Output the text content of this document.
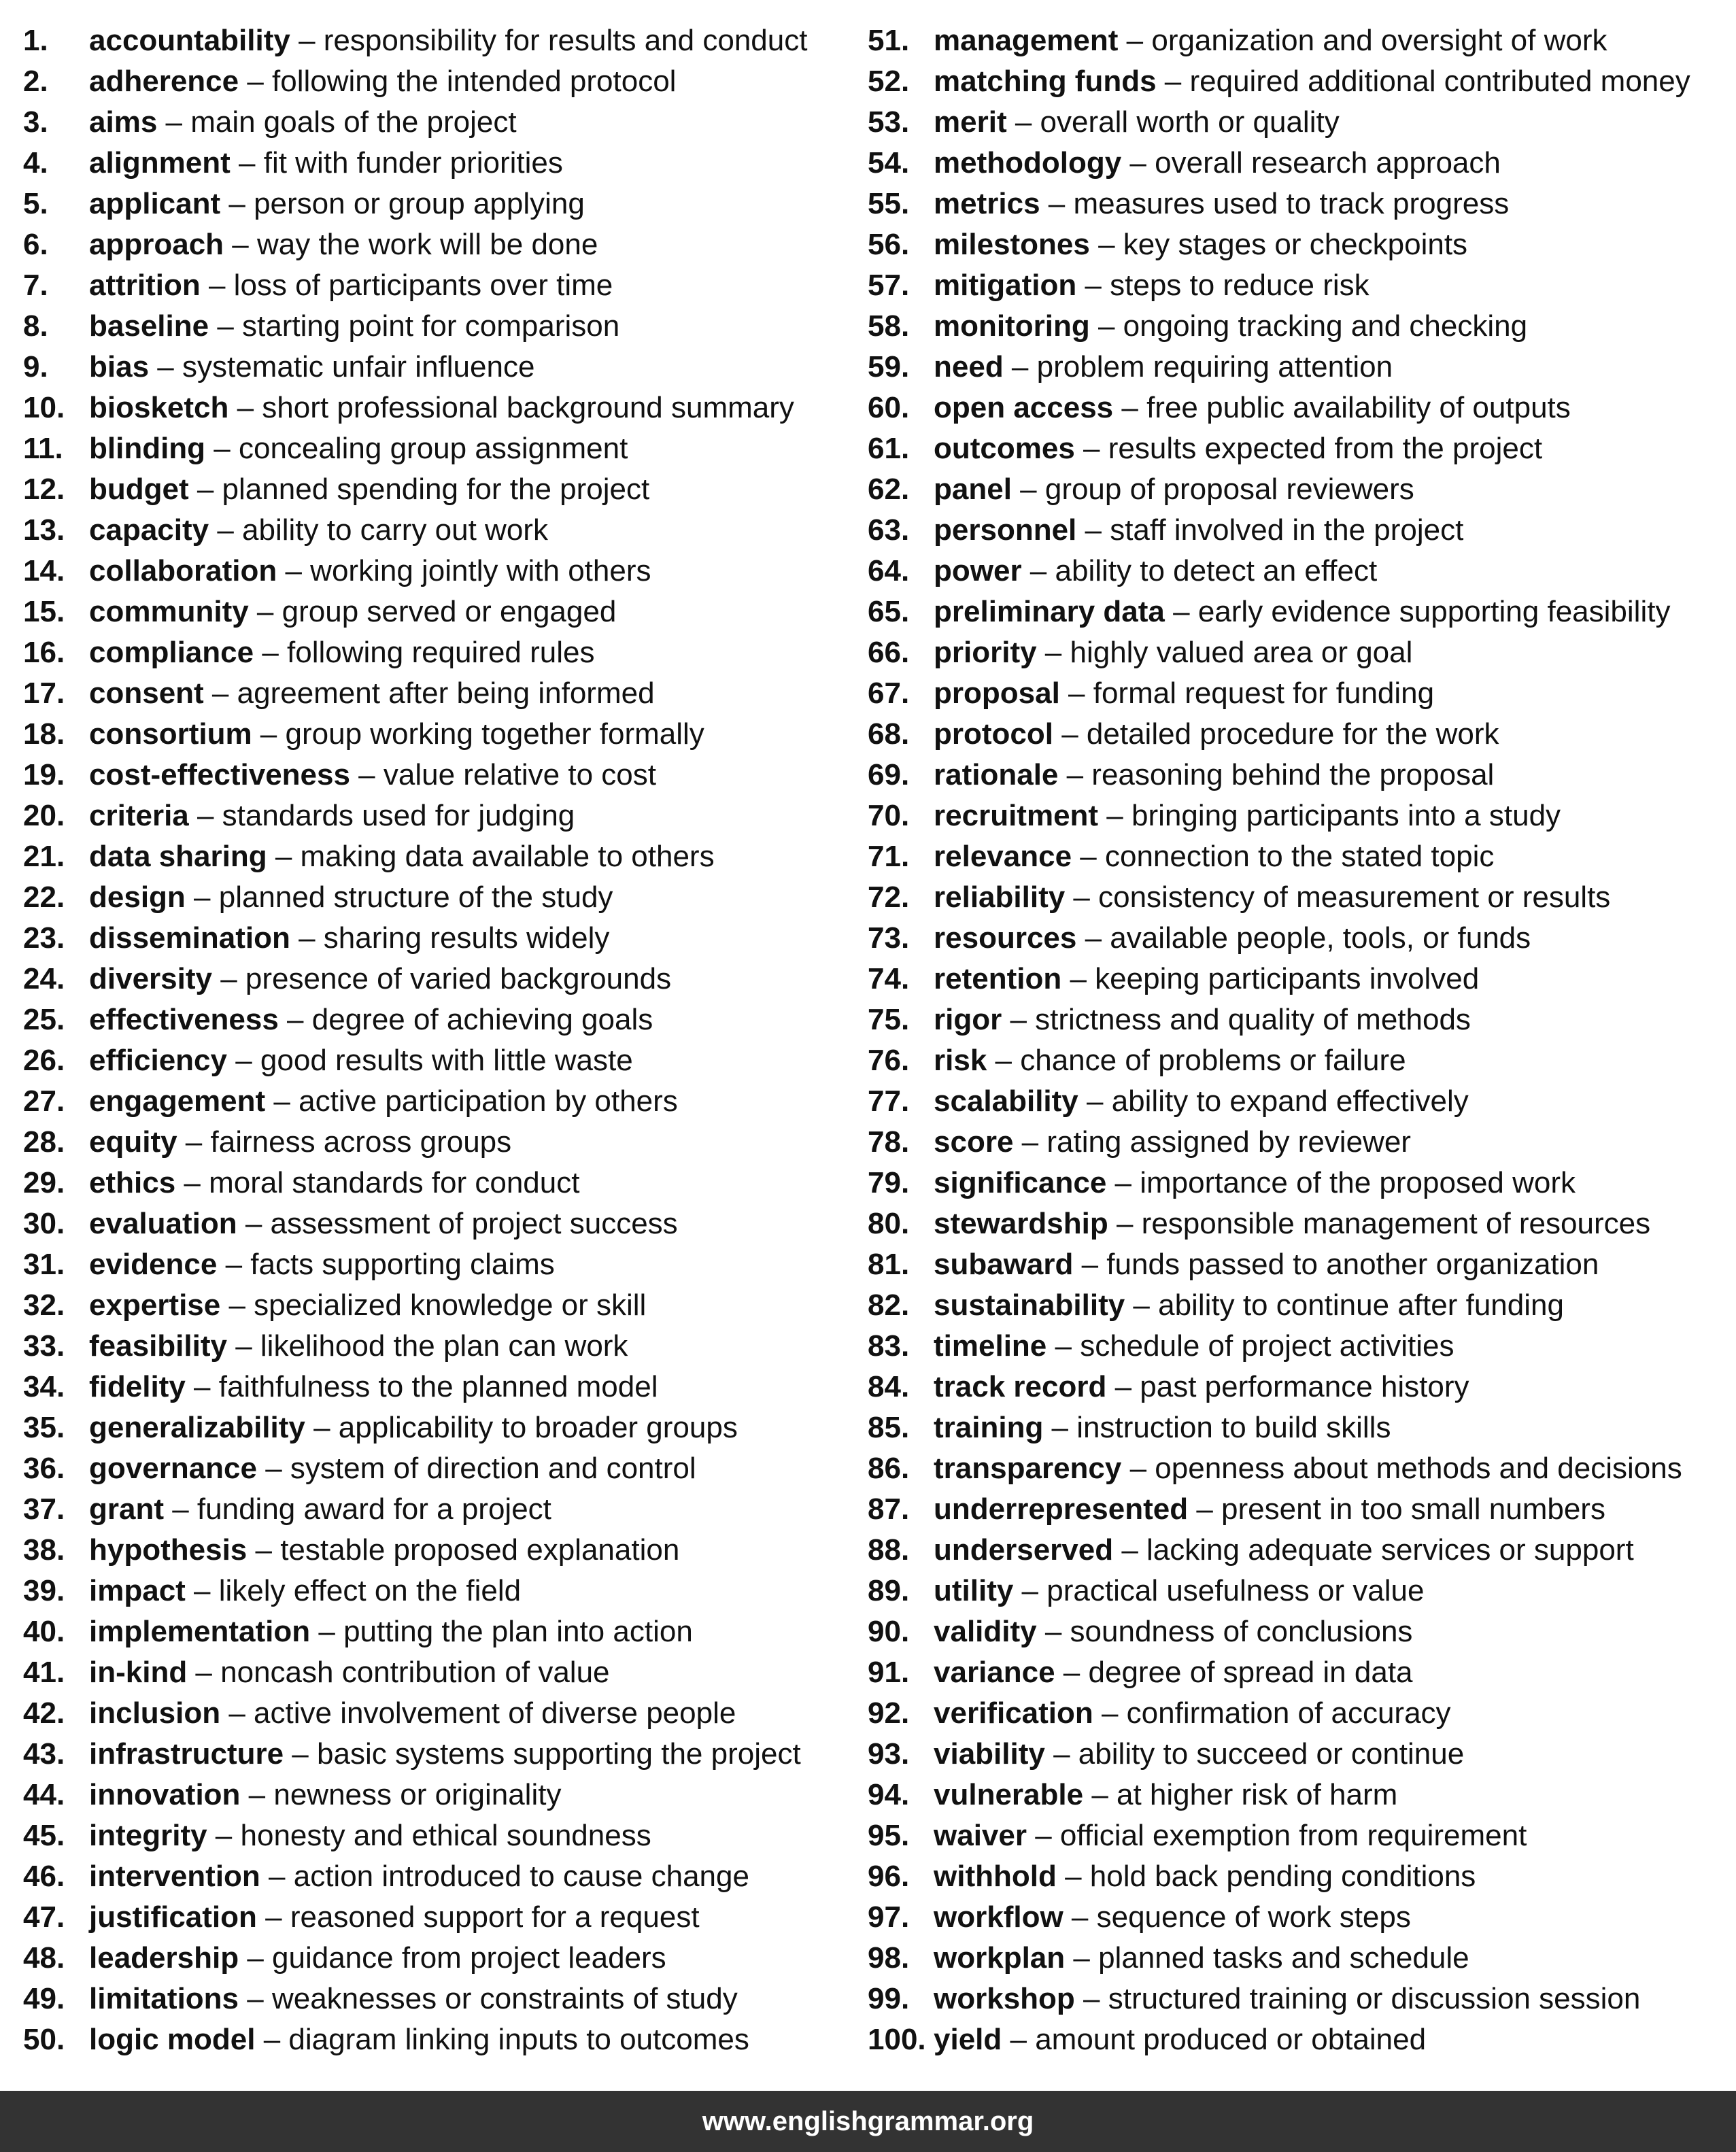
1. accountability – responsibility for results and conduct
2. adherence – following the intended protocol
3. aims – main goals of the project
4. alignment – fit with funder priorities
5. applicant – person or group applying
6. approach – way the work will be done
7. attrition – loss of participants over time
8. baseline – starting point for comparison
9. bias – systematic unfair influence
10. biosketch – short professional background summary
11. blinding – concealing group assignment
12. budget – planned spending for the project
13. capacity – ability to carry out work
14. collaboration – working jointly with others
15. community – group served or engaged
16. compliance – following required rules
17. consent – agreement after being informed
18. consortium – group working together formally
19. cost-effectiveness – value relative to cost
20. criteria – standards used for judging
21. data sharing – making data available to others
22. design – planned structure of the study
23. dissemination – sharing results widely
24. diversity – presence of varied backgrounds
25. effectiveness – degree of achieving goals
26. efficiency – good results with little waste
27. engagement – active participation by others
28. equity – fairness across groups
29. ethics – moral standards for conduct
30. evaluation – assessment of project success
31. evidence – facts supporting claims
32. expertise – specialized knowledge or skill
33. feasibility – likelihood the plan can work
34. fidelity – faithfulness to the planned model
35. generalizability – applicability to broader groups
36. governance – system of direction and control
37. grant – funding award for a project
38. hypothesis – testable proposed explanation
39. impact – likely effect on the field
40. implementation – putting the plan into action
41. in-kind – noncash contribution of value
42. inclusion – active involvement of diverse people
43. infrastructure – basic systems supporting the project
44. innovation – newness or originality
45. integrity – honesty and ethical soundness
46. intervention – action introduced to cause change
47. justification – reasoned support for a request
48. leadership – guidance from project leaders
49. limitations – weaknesses or constraints of study
50. logic model – diagram linking inputs to outcomes
51. management – organization and oversight of work
52. matching funds – required additional contributed money
53. merit – overall worth or quality
54. methodology – overall research approach
55. metrics – measures used to track progress
56. milestones – key stages or checkpoints
57. mitigation – steps to reduce risk
58. monitoring – ongoing tracking and checking
59. need – problem requiring attention
60. open access – free public availability of outputs
61. outcomes – results expected from the project
62. panel – group of proposal reviewers
63. personnel – staff involved in the project
64. power – ability to detect an effect
65. preliminary data – early evidence supporting feasibility
66. priority – highly valued area or goal
67. proposal – formal request for funding
68. protocol – detailed procedure for the work
69. rationale – reasoning behind the proposal
70. recruitment – bringing participants into a study
71. relevance – connection to the stated topic
72. reliability – consistency of measurement or results
73. resources – available people, tools, or funds
74. retention – keeping participants involved
75. rigor – strictness and quality of methods
76. risk – chance of problems or failure
77. scalability – ability to expand effectively
78. score – rating assigned by reviewer
79. significance – importance of the proposed work
80. stewardship – responsible management of resources
81. subaward – funds passed to another organization
82. sustainability – ability to continue after funding
83. timeline – schedule of project activities
84. track record – past performance history
85. training – instruction to build skills
86. transparency – openness about methods and decisions
87. underrepresented – present in too small numbers
88. underserved – lacking adequate services or support
89. utility – practical usefulness or value
90. validity – soundness of conclusions
91. variance – degree of spread in data
92. verification – confirmation of accuracy
93. viability – ability to succeed or continue
94. vulnerable – at higher risk of harm
95. waiver – official exemption from requirement
96. withhold – hold back pending conditions
97. workflow – sequence of work steps
98. workplan – planned tasks and schedule
99. workshop – structured training or discussion session
100. yield – amount produced or obtained
www.englishgrammar.org
